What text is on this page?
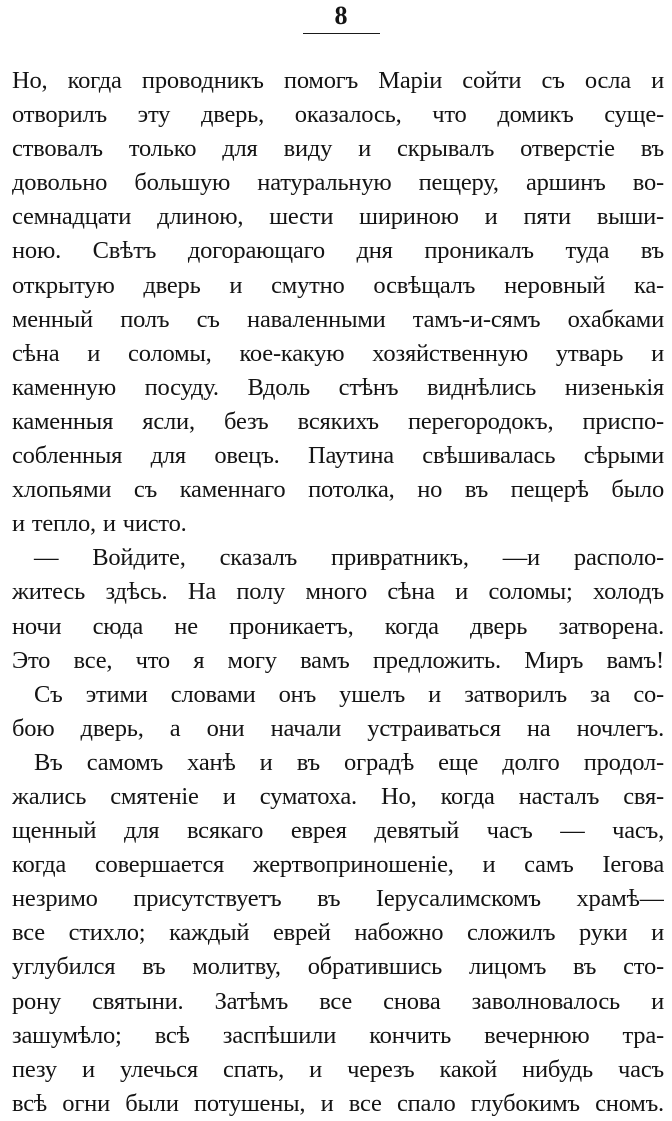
8
Но, когда проводникъ помогъ Маріи сойти съ осла и
отворилъ эту дверь, оказалось, что домикъ суще-
ствовалъ только для виду и скрывалъ отверстіе въ
довольно большую натуральную пещеру, аршинъ во-
семнадцати длиною, шести шириною и пяти выши-
ною. Свѣтъ догорающаго дня проникалъ туда въ
открытую дверь и смутно освѣщалъ неровный ка-
менный полъ съ наваленными тамъ-и-сямъ охабками
сѣна и соломы, кое-какую хозяйственную утварь и
каменную посуду. Вдоль стѣнъ виднѣлись низенькія
каменныя ясли, безъ всякихъ перегородокъ, приспо-
собленныя для овецъ. Паутина свѣшивалась сѣрыми
хлопьями съ каменнаго потолка, но въ пещерѣ было
и тепло, и чисто.
— Войдите, сказалъ привратникъ, —и располо-
житесь здѣсь. На полу много сѣна и соломы; холодъ
ночи сюда не проникаетъ, когда дверь затворена.
Это все, что я могу вамъ предложить. Миръ вамъ!
Съ этими словами онъ ушелъ и затворилъ за со-
бою дверь, а они начали устраиваться на ночлегъ.
Въ самомъ ханѣ и въ оградѣ еще долго продол-
жались смятеніе и суматоха. Но, когда насталъ свя-
щенный для всякаго еврея девятый часъ — часъ,
когда совершается жертвоприношеніе, и самъ Іегова
незримо присутствуетъ въ Іерусалимскомъ храмѣ—
все стихло; каждый еврей набожно сложилъ руки и
углубился въ молитву, обратившись лицомъ въ сто-
рону святыни. Затѣмъ все снова заволновалось и
зашумѣло; всѣ заспѣшили кончить вечернюю тра-
пезу и улечься спать, и черезъ какой нибудь часъ
всѣ огни были потушены, и все спало глубокимъ сномъ.
